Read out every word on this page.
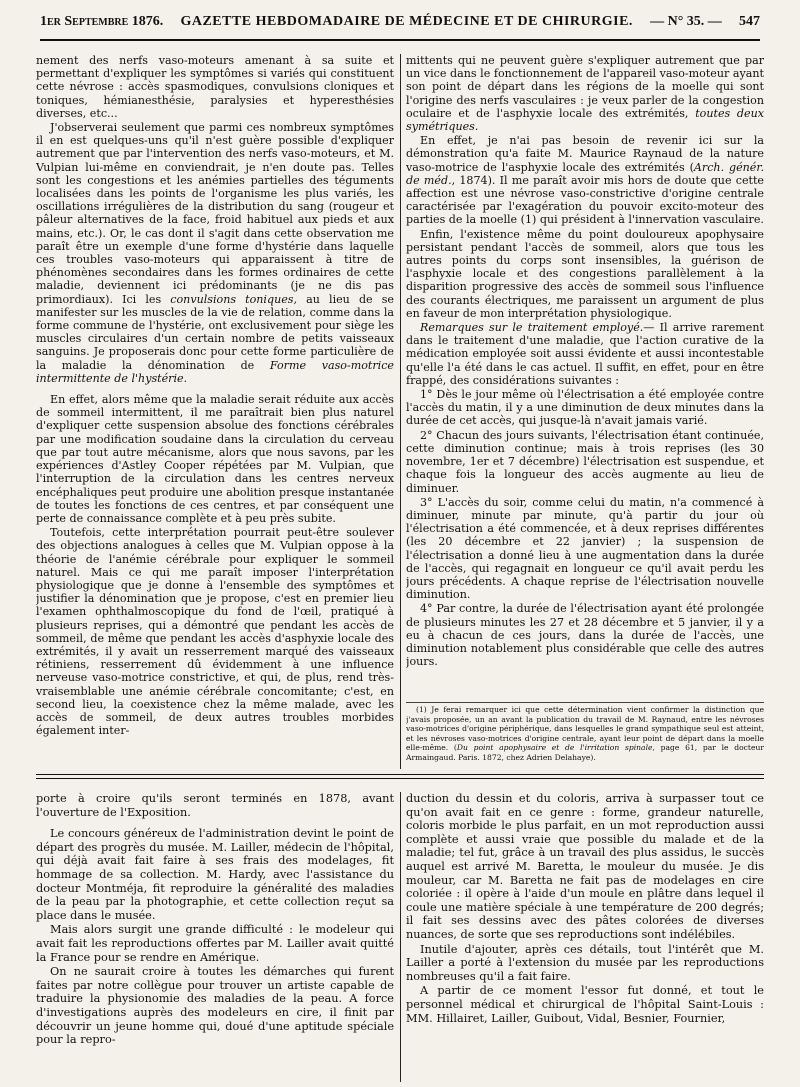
1er Septembre 1876. GAZETTE HEBDOMADAIRE DE MÉDECINE ET DE CHIRURGIE. — N° 35. — 547

nement des nerfs vaso-moteurs amenant à sa suite et permettant d'expliquer les symptômes si variés qui constituent cette névrose : accès spasmodiques, convulsions cloniques et toniques, hémianesthésie, paralysies et hyperesthésies diverses, etc...

J'observerai seulement que parmi ces nombreux symptômes il en est quelques-uns qu'il n'est guère possible d'expliquer autrement que par l'intervention des nerfs vaso-moteurs, et M. Vulpian lui-même en conviendrait, je n'en doute pas. Telles sont les congestions et les anémies partielles des téguments localisées dans les points de l'organisme les plus variés, les oscillations irrégulières de la distribution du sang (rougeur et pâleur alternatives de la face, froid habituel aux pieds et aux mains, etc.). Or, le cas dont il s'agit dans cette observation me paraît être un exemple d'une forme d'hystérie dans laquelle ces troubles vaso-moteurs qui apparaissent à titre de phénomènes secondaires dans les formes ordinaires de cette maladie, deviennent ici prédominants (je ne dis pas primordiaux). Ici les convulsions toniques, au lieu de se manifester sur les muscles de la vie de relation, comme dans la forme commune de l'hystérie, ont exclusivement pour siège les muscles circulaires d'un certain nombre de petits vaisseaux sanguins. Je proposerais donc pour cette forme particulière de la maladie la dénomination de Forme vaso-motrice intermittente de l'hystérie.

En effet, alors même que la maladie serait réduite aux accès de sommeil intermittent, il me paraîtrait bien plus naturel d'expliquer cette suspension absolue des fonctions cérébrales par une modification soudaine dans la circulation du cerveau que par tout autre mécanisme, alors que nous savons, par les expériences d'Astley Cooper répétées par M. Vulpian, que l'interruption de la circulation dans les centres nerveux encéphaliques peut produire une abolition presque instantanée de toutes les fonctions de ces centres, et par conséquent une perte de connaissance complète et à peu près subite.

Toutefois, cette interprétation pourrait peut-être soulever des objections analogues à celles que M. Vulpian oppose à la théorie de l'anémie cérébrale pour expliquer le sommeil naturel. Mais ce qui me paraît imposer l'interprétation physiologique que je donne à l'ensemble des symptômes et justifier la dénomination que je propose, c'est en premier lieu l'examen ophthalmoscopique du fond de l'œil, pratiqué à plusieurs reprises, qui a démontré que pendant les accès de sommeil, de même que pendant les accès d'asphyxie locale des extrémités, il y avait un resserrement marqué des vaisseaux rétiniens, resserrement dû évidemment à une influence nerveuse vaso-motrice constrictive, et qui, de plus, rend très-vraisemblable une anémie cérébrale concomitante; c'est, en second lieu, la coexistence chez la même malade, avec les accès de sommeil, de deux autres troubles morbides également inter-

mittents qui ne peuvent guère s'expliquer autrement que par un vice dans le fonctionnement de l'appareil vaso-moteur ayant son point de départ dans les régions de la moelle qui sont l'origine des nerfs vasculaires : je veux parler de la congestion oculaire et de l'asphyxie locale des extrémités, toutes deux symétriques.

En effet, je n'ai pas besoin de revenir ici sur la démonstration qu'a faite M. Maurice Raynaud de la nature vaso-motrice de l'asphyxie locale des extrémités (Arch. génér. de méd., 1874). Il me paraît avoir mis hors de doute que cette affection est une névrose vaso-constrictive d'origine centrale caractérisée par l'exagération du pouvoir excito-moteur des parties de la moelle (1) qui président à l'innervation vasculaire.

Enfin, l'existence même du point douloureux apophysaire persistant pendant l'accès de sommeil, alors que tous les autres points du corps sont insensibles, la guérison de l'asphyxie locale et des congestions parallèlement à la disparition progressive des accès de sommeil sous l'influence des courants électriques, me paraissent un argument de plus en faveur de mon interprétation physiologique.

Remarques sur le traitement employé.— Il arrive rarement dans le traitement d'une maladie, que l'action curative de la médication employée soit aussi évidente et aussi incontestable qu'elle l'a été dans le cas actuel. Il suffit, en effet, pour en être frappé, des considérations suivantes :

1° Dès le jour même où l'électrisation a été employée contre l'accès du matin, il y a une diminution de deux minutes dans la durée de cet accès, qui jusque-là n'avait jamais varié.

2° Chacun des jours suivants, l'électrisation étant continuée, cette diminution continue; mais à trois reprises (les 30 novembre, 1er et 7 décembre) l'électrisation est suspendue, et chaque fois la longueur des accès augmente au lieu de diminuer.

3° L'accès du soir, comme celui du matin, n'a commencé à diminuer, minute par minute, qu'à partir du jour où l'électrisation a été commencée, et à deux reprises différentes (les 20 décembre et 22 janvier) ; la suspension de l'électrisation a donné lieu à une augmentation dans la durée de l'accès, qui regagnait en longueur ce qu'il avait perdu les jours précédents. A chaque reprise de l'électrisation nouvelle diminution.

4° Par contre, la durée de l'électrisation ayant été prolongée de plusieurs minutes les 27 et 28 décembre et 5 janvier, il y a eu à chacun de ces jours, dans la durée de l'accès, une diminution notablement plus considérable que celle des autres jours.

(1) Je ferai remarquer ici que cette détermination vient confirmer la distinction que j'avais proposée, un an avant la publication du travail de M. Raynaud, entre les névroses vaso-motrices d'origine périphérique, dans lesquelles le grand sympathique seul est atteint, et les névroses vaso-motrices d'origine centrale, ayant leur point de départ dans la moelle elle-même. (Du point apophysaire et de l'irritation spinale, page 61, par le docteur Armaingaud. Paris. 1872, chez Adrien Delahaye).

porte à croire qu'ils seront terminés en 1878, avant l'ouverture de l'Exposition.

Le concours généreux de l'administration devint le point de départ des progrès du musée. M. Lailler, médecin de l'hôpital, qui déjà avait fait faire à ses frais des modelages, fit hommage de sa collection. M. Hardy, avec l'assistance du docteur Montméja, fit reproduire la généralité des maladies de la peau par la photographie, et cette collection reçut sa place dans le musée.

Mais alors surgit une grande difficulté : le modeleur qui avait fait les reproductions offertes par M. Lailler avait quitté la France pour se rendre en Amérique.

On ne saurait croire à toutes les démarches qui furent faites par notre collègue pour trouver un artiste capable de traduire la physionomie des maladies de la peau. A force d'investigations auprès des modeleurs en cire, il finit par découvrir un jeune homme qui, doué d'une aptitude spéciale pour la repro-

duction du dessin et du coloris, arriva à surpasser tout ce qu'on avait fait en ce genre : forme, grandeur naturelle, coloris morbide le plus parfait, en un mot reproduction aussi complète et aussi vraie que possible du malade et de la maladie; tel fut, grâce à un travail des plus assidus, le succès auquel est arrivé M. Baretta, le mouleur du musée. Je dis mouleur, car M. Baretta ne fait pas de modelages en cire coloriée : il opère à l'aide d'un moule en plâtre dans lequel il coule une matière spéciale à une température de 200 degrés; il fait ses dessins avec des pâtes colorées de diverses nuances, de sorte que ses reproductions sont indélébiles.

Inutile d'ajouter, après ces détails, tout l'intérêt que M. Lailler a porté à l'extension du musée par les reproductions nombreuses qu'il a fait faire.

A partir de ce moment l'essor fut donné, et tout le personnel médical et chirurgical de l'hôpital Saint-Louis : MM. Hillairet, Lailler, Guibout, Vidal, Besnier, Fournier,
